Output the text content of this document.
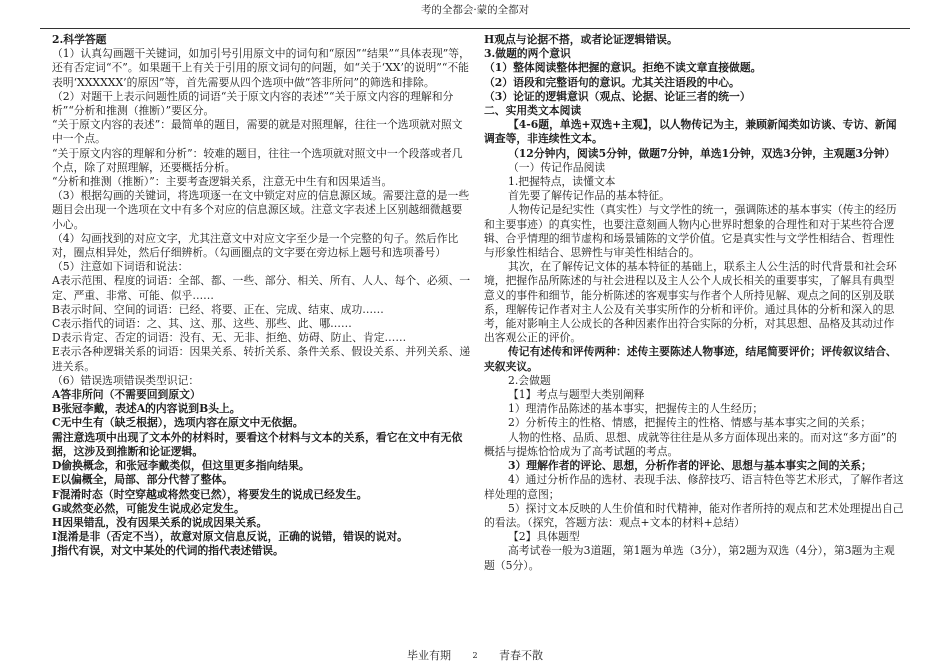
考的全都会·蒙的全都对

2.科学答题

（1）认真勾画题干关键词，如加引号引用原文中的词句和“原因”“结果”“具体表现”等，还有否定词“不”。如果题干上有关于引用的原文词句的问题，如“关于‘XX’的说明”“不能表明‘XXXXXX’的原因”等，首先需要从四个选项中做“答非所问”的筛选和排除。

（2）对题干上表示问题性质的词语“关于原文内容的表述”“关于原文内容的理解和分析”“分析和推测（推断）”要区分。

“关于原文内容的表述”：最简单的题目，需要的就是对照理解，往往一个选项就对照文中一个点。

“关于原文内容的理解和分析”：较难的题目，往往一个选项就对照文中一个段落或者几个点，除了对照理解，还要概括分析。

“分析和推测（推断）”：主要考查逻辑关系，注意无中生有和因果适当。

（3）根据勾画的关键词，将选项逐一在文中锁定对应的信息源区域。需要注意的是一些题目会出现一个选项在文中有多个对应的信息源区域。注意文字表述上区别越细微越要小心。

（4）勾画找到的对应文字，尤其注意文中对应文字至少是一个完整的句子。然后作比对，圈点相异处，然后仔细辨析。（勾画圈点的文字要在旁边标上题号和选项番号）

（5）注意如下词语和说法：

A表示范围、程度的词语：全部、都、一些、部分、相关、所有、人人、每个、必须、一定、严重、非常、可能、似乎……

B表示时间、空间的词语：已经、将要、正在、完成、结束、成功……

C表示指代的词语：之、其、这、那、这些、那些、此、哪……

D表示肯定、否定的词语：没有、无、无非、拒绝、妨碍、防止、肯定……

E表示各种逻辑关系的词语：因果关系、转折关系、条件关系、假设关系、并列关系、递进关系。

（6）错误选项错误类型识记：

A答非所问（不需要回到原文）

B张冠李戴，表述A的内容说到B头上。

C无中生有（缺乏根据），选项内容在原文中无依据。

需注意选项中出现了文本外的材料时，要看这个材料与文本的关系，看它在文中有无依据，这涉及到推断和论证逻辑。

D偷换概念，和张冠李戴类似，但这里更多指向结果。

E以偏概全，局部、部分代替了整体。

F混淆时态（时空穿越或将然变已然），将要发生的说成已经发生。

G或然变必然，可能发生说成必定发生。

H因果错乱，没有因果关系的说成因果关系。

I混淆是非（否定不当），故意对原文信息反说，正确的说错，错误的说对。

J指代有误，对文中某处的代词的指代表述错误。

H观点与论据不搭，或者论证逻辑错误。

3.做题的两个意识

（1）整体阅读整体把握的意识。拒绝不读文章直接做题。

（2）语段和完整语句的意识。尤其关注语段的中心。

（3）论证的逻辑意识（观点、论据、论证三者的统一）

二、实用类文本阅读

【4-6题，单选+双选+主观】，以人物传记为主，兼顾新闻类如访谈、专访、新闻调查等，非连续性文本。

（12分钟内，阅读5分钟，做题7分钟，单选1分钟，双选3分钟，主观题3分钟）

（一）传记作品阅读

1.把握特点，读懂文本

首先要了解传记作品的基本特征。

人物传记是纪实性（真实性）与文学性的统一，强调陈述的基本事实（传主的经历和主要事迹）的真实性，也要注意刻画人物内心世界时想象的合理性和对于某些符合逻辑、合乎情理的细节虚构和场景铺陈的文学价值。它是真实性与文学性相结合、哲理性与形象性相结合、思辨性与审美性相结合的。

其次，在了解传记文体的基本特征的基础上，联系主人公生活的时代背景和社会环境，把握作品所陈述的与社会进程以及主人公个人成长相关的重要事实，了解具有典型意义的事件和细节，能分析陈述的客观事实与作者个人所持见解、观点之间的区别及联系，理解传记作者对主人公及有关事实所作的分析和评价。通过具体的分析和深入的思考，能对影响主人公成长的各种因素作出符合实际的分析，对其思想、品格及其动过作出客观公正的评价。

传记有述传和评传两种：述传主要陈述人物事迹，结尾简要评价；评传叙议结合、夹叙夹议。

2.会做题

【1】考点与题型大类别阐释

1）理清作品陈述的基本事实，把握传主的人生经历；

2）分析传主的性格、情感，把握传主的性格、情感与基本事实之间的关系；

人物的性格、品质、思想、成就等往往是从多方面体现出来的。而对这“多方面”的概括与提炼恰恰成为了高考试题的考点。

3）理解作者的评论、思想，分析作者的评论、思想与基本事实之间的关系；

4）通过分析作品的选材、表现手法、修辞技巧、语言特色等艺术形式，了解作者这样处理的意图；

5）探讨文本反映的人生价值和时代精神，能对作者所持的观点和艺术处理提出自己的看法。（探究，答题方法：观点+文本的材料+总结）

【2】具体题型

高考试卷一般为3道题，第1题为单选（3分），第2题为双选（4分），第3题为主观题（5分）。

毕业有期	2 青春不散
